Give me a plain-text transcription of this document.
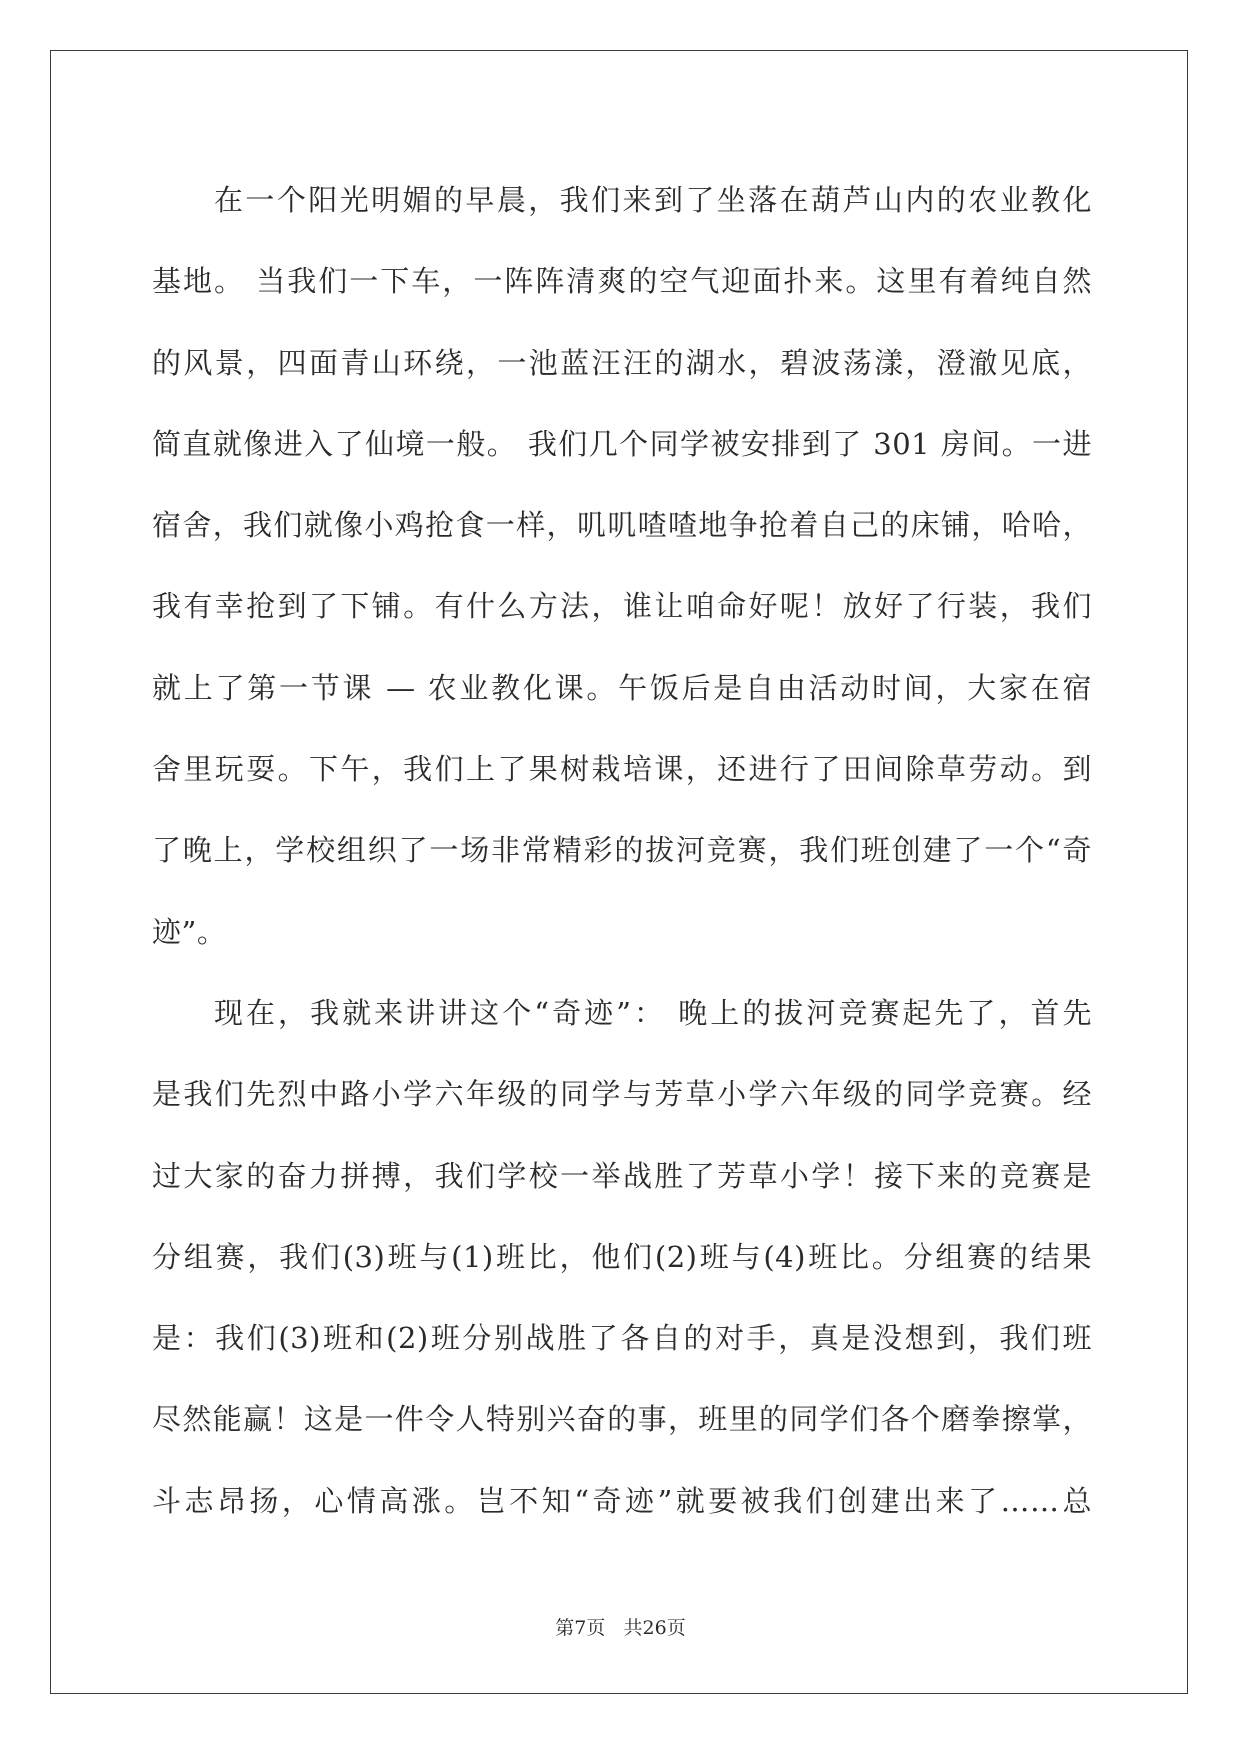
在一个阳光明媚的早晨，我们来到了坐落在葫芦山内的农业教化
基地。 当我们一下车，一阵阵清爽的空气迎面扑来。这里有着纯自然
的风景，四面青山环绕，一池蓝汪汪的湖水，碧波荡漾，澄澈见底，
简直就像进入了仙境一般。 我们几个同学被安排到了 301 房间。一进
宿舍，我们就像小鸡抢食一样，叽叽喳喳地争抢着自己的床铺，哈哈，
我有幸抢到了下铺。有什么方法，谁让咱命好呢！放好了行装，我们
就上了第一节课 — 农业教化课。午饭后是自由活动时间，大家在宿
舍里玩耍。下午，我们上了果树栽培课，还进行了田间除草劳动。到
了晚上，学校组织了一场非常精彩的拔河竞赛，我们班创建了一个“奇
迹”。
现在，我就来讲讲这个“奇迹”： 晚上的拔河竞赛起先了，首先
是我们先烈中路小学六年级的同学与芳草小学六年级的同学竞赛。经
过大家的奋力拼搏，我们学校一举战胜了芳草小学！接下来的竞赛是
分组赛，我们(3)班与(1)班比，他们(2)班与(4)班比。分组赛的结果
是：我们(3)班和(2)班分别战胜了各自的对手，真是没想到，我们班
尽然能赢！这是一件令人特别兴奋的事，班里的同学们各个磨拳擦掌，
斗志昂扬，心情高涨。岂不知“奇迹”就要被我们创建出来了……总
第7页 共26页
